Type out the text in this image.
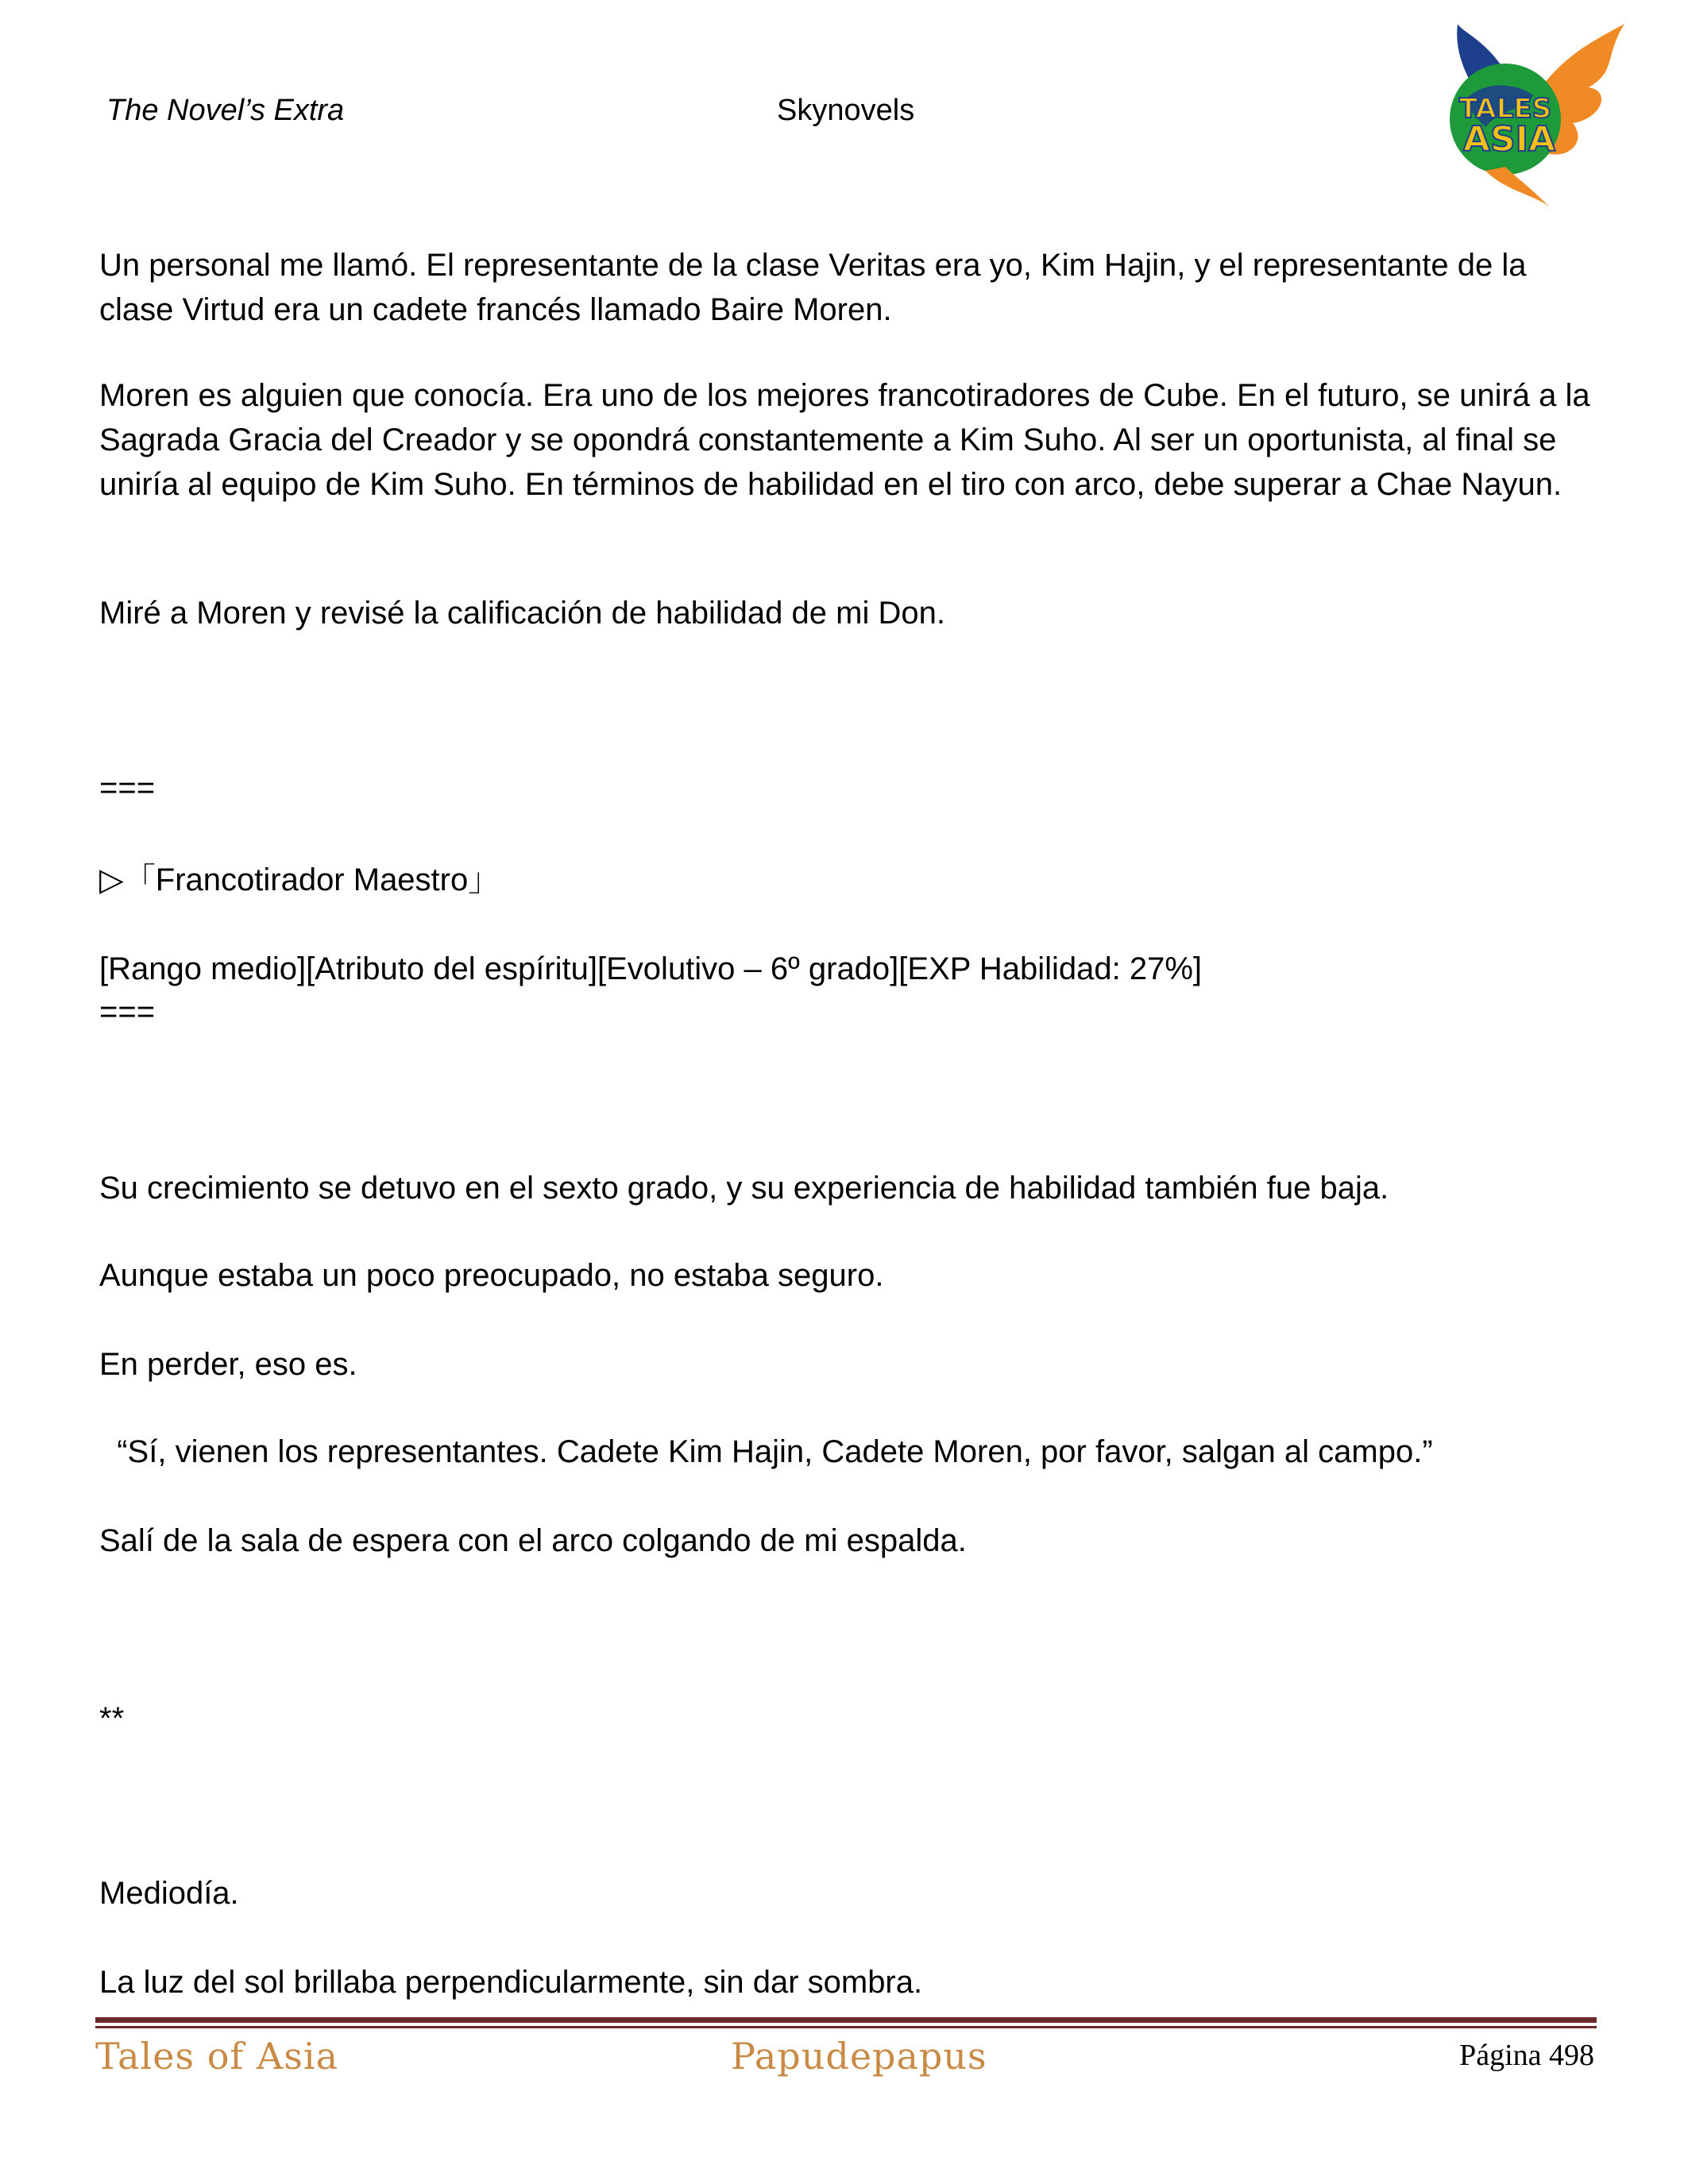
The Novel’s Extra	Skynovels	TALES
ASIA

Un personal me llamó. El representante de la clase Veritas era yo, Kim Hajin, y el representante de la clase Virtud era un cadete francés llamado Baire Moren.

Moren es alguien que conocía. Era uno de los mejores francotiradores de Cube. En el futuro, se unirá a la Sagrada Gracia del Creador y se opondrá constantemente a Kim Suho. Al ser un oportunista, al final se uniría al equipo de Kim Suho. En términos de habilidad en el tiro con arco, debe superar a Chae Nayun.

Miré a Moren y revisé la calificación de habilidad de mi Don.

===

▷「Francotirador Maestro」

[Rango medio][Atributo del espíritu][Evolutivo – 6º grado][EXP Habilidad: 27%]

===

Su crecimiento se detuvo en el sexto grado, y su experiencia de habilidad también fue baja.

Aunque estaba un poco preocupado, no estaba seguro.

En perder, eso es.

“Sí, vienen los representantes. Cadete Kim Hajin, Cadete Moren, por favor, salgan al campo.”

Salí de la sala de espera con el arco colgando de mi espalda.

**

Mediodía.

La luz del sol brillaba perpendicularmente, sin dar sombra.

Tales of Asia	Papudepapus	Página 498
